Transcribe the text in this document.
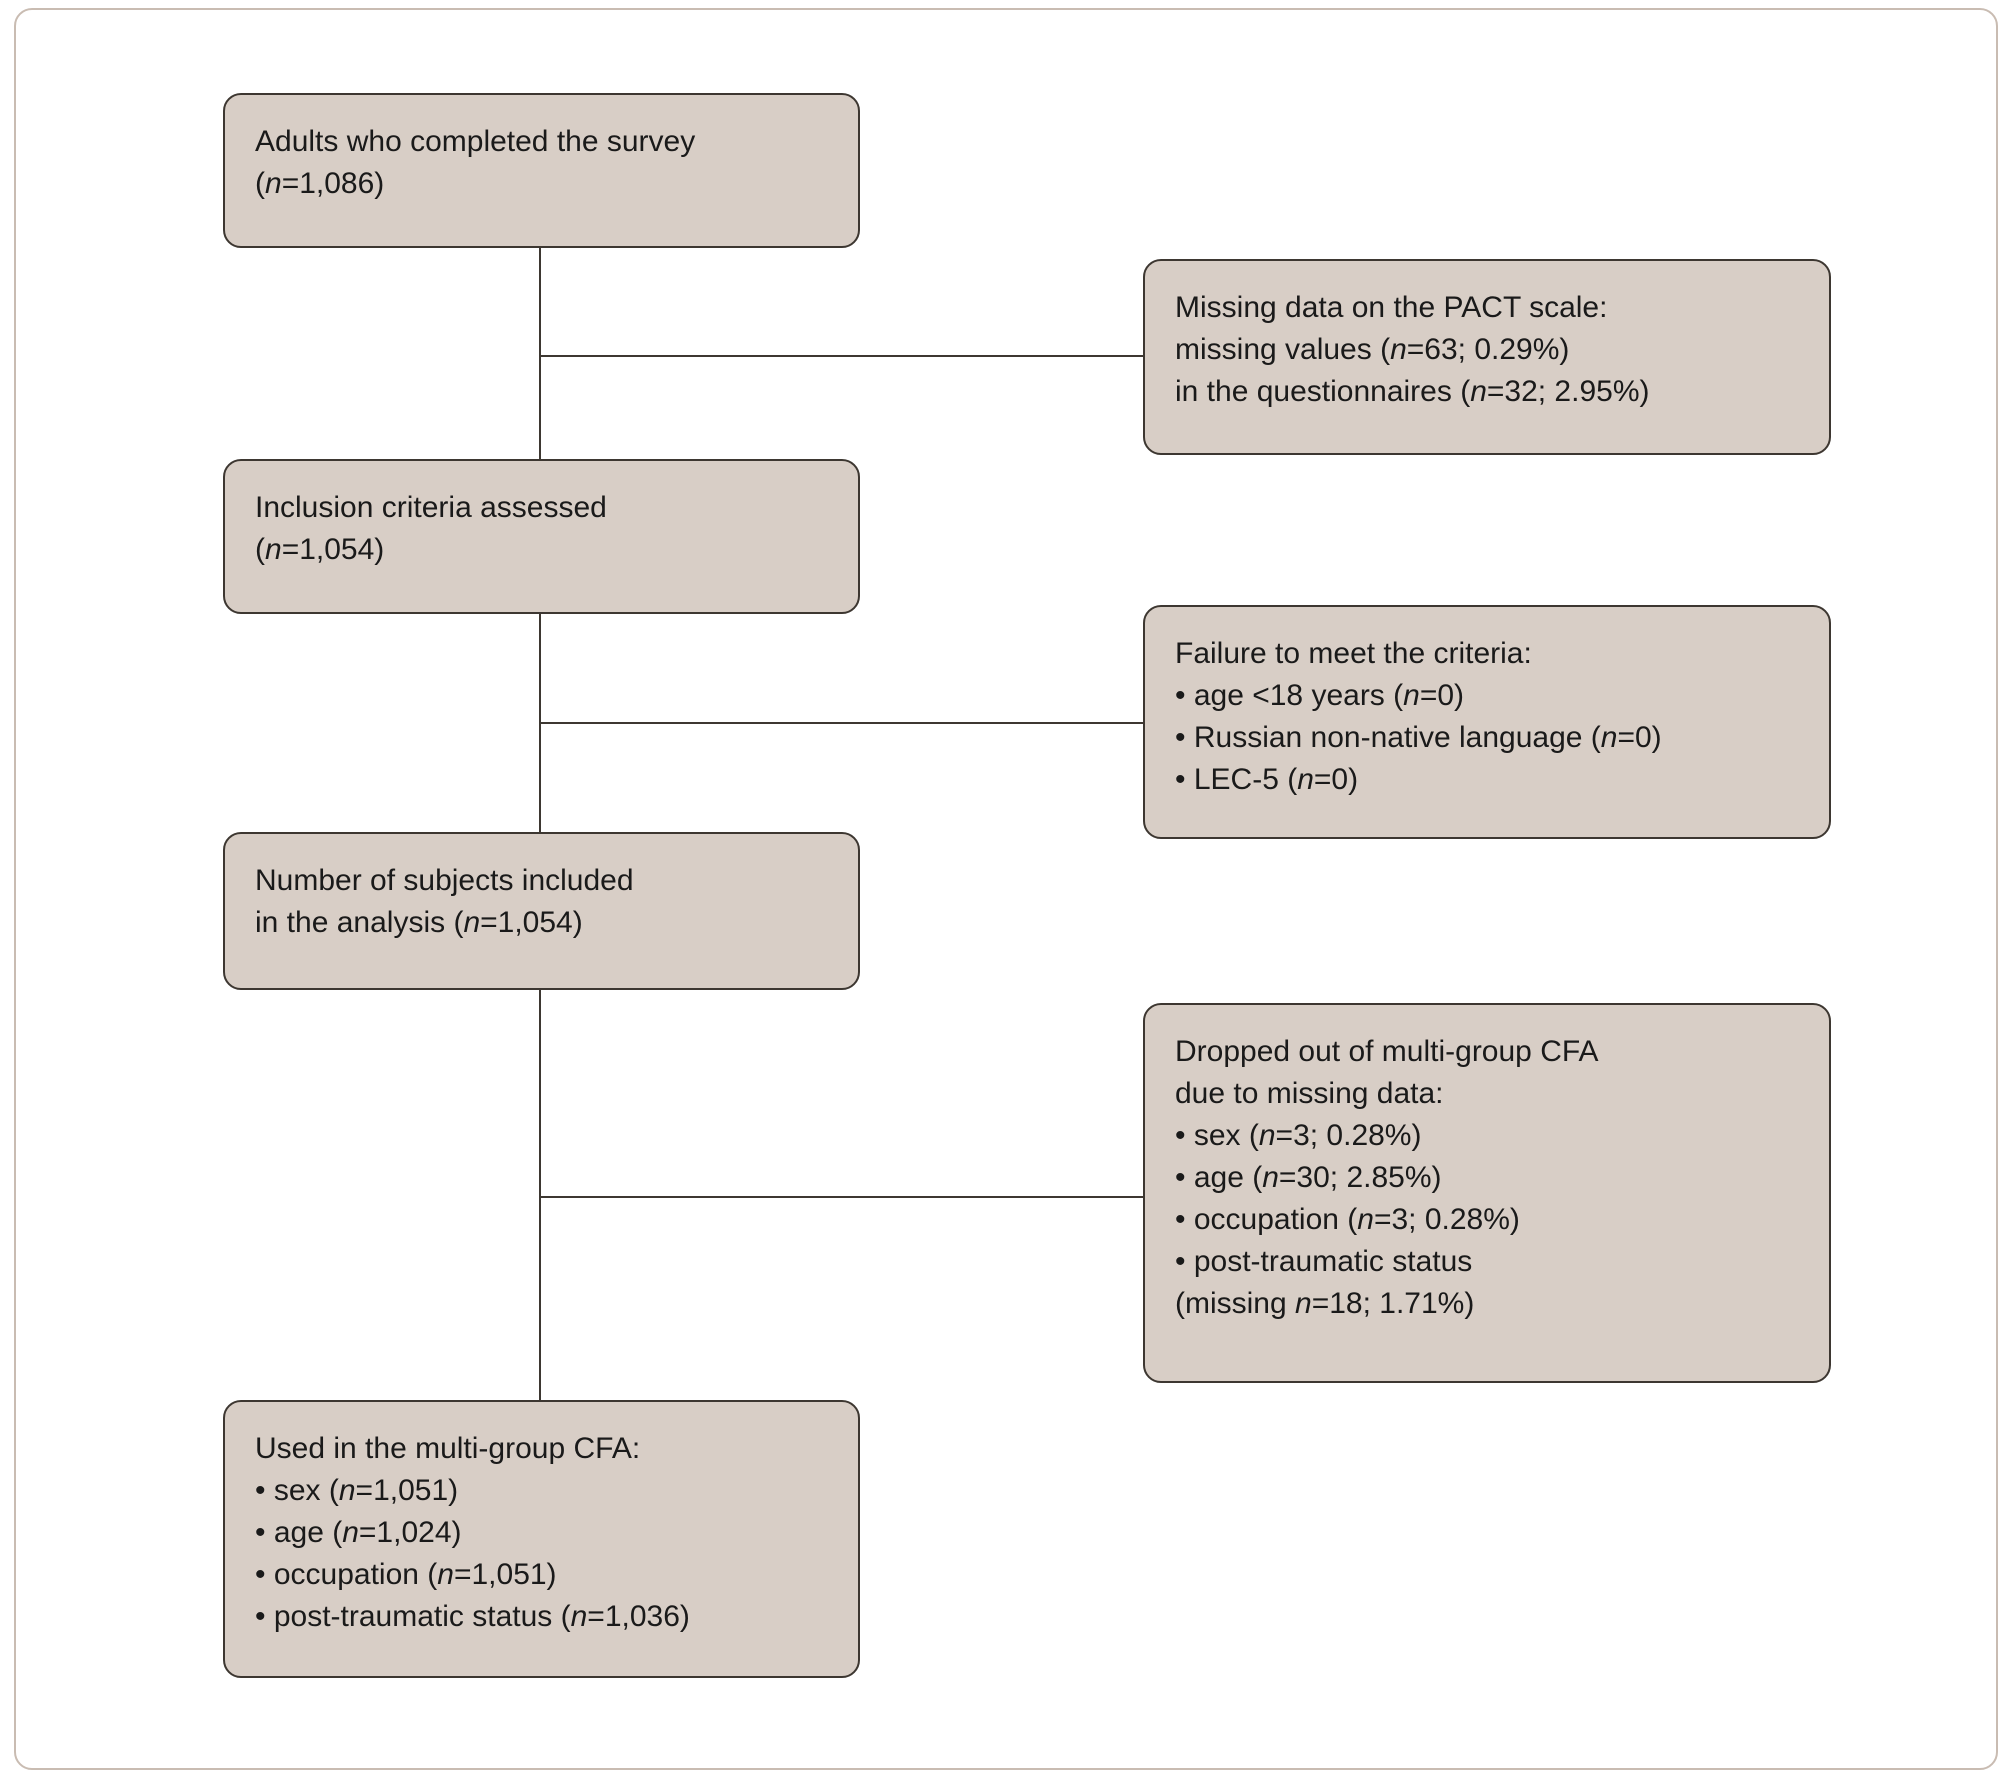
Adults who completed the survey
(n=1,086)
Inclusion criteria assessed
(n=1,054)
Number of subjects included
in the analysis (n=1,054)
Used in the multi-group CFA:
• sex (n=1,051)
• age (n=1,024)
• occupation (n=1,051)
• post-traumatic status (n=1,036)
Missing data on the PACT scale:
missing values (n=63; 0.29%)
in the questionnaires (n=32; 2.95%)
Failure to meet the criteria:
• age <18 years (n=0)
• Russian non-native language (n=0)
• LEC-5 (n=0)
Dropped out of multi-group CFA
due to missing data:
• sex (n=3; 0.28%)
• age (n=30; 2.85%)
• occupation (n=3; 0.28%)
• post-traumatic status
(missing n=18; 1.71%)
